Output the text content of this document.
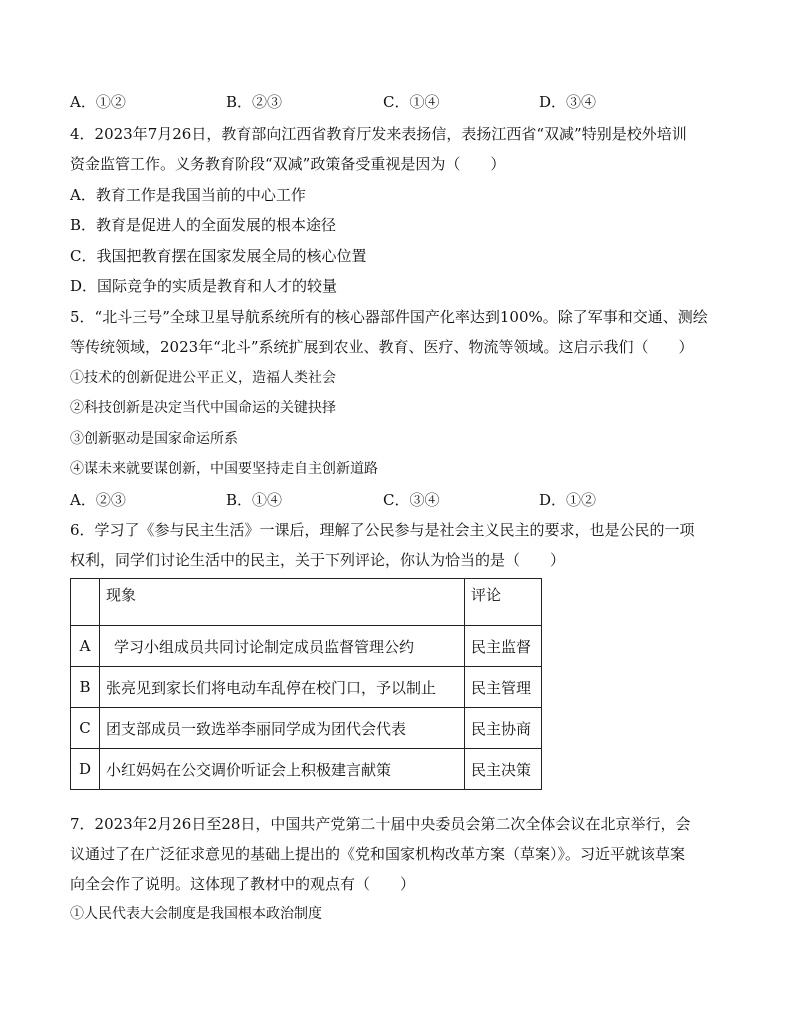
A．①②	B．②③	C．①④	D．③④
4．2023年7月26日，教育部向江西省教育厅发来表扬信，表扬江西省“双减”特别是校外培训
资金监管工作。义务教育阶段“双减”政策备受重视是因为（　　）
A．教育工作是我国当前的中心工作
B．教育是促进人的全面发展的根本途径
C．我国把教育摆在国家发展全局的核心位置
D．国际竞争的实质是教育和人才的较量
5．“北斗三号”全球卫星导航系统所有的核心器部件国产化率达到100%。除了军事和交通、测绘
等传统领域，2023年“北斗”系统扩展到农业、教育、医疗、物流等领域。这启示我们（　　）
①技术的创新促进公平正义，造福人类社会
②科技创新是决定当代中国命运的关键抉择
③创新驱动是国家命运所系
④谋未来就要谋创新，中国要坚持走自主创新道路
A．②③	B．①④	C．③④	D．①②
6．学习了《参与民主生活》一课后，理解了公民参与是社会主义民主的要求，也是公民的一项
权利，同学们讨论生活中的民主，关于下列评论，你认为恰当的是（　　）
	现象	评论
A	学习小组成员共同讨论制定成员监督管理公约	民主监督
B	张亮见到家长们将电动车乱停在校门口，予以制止	民主管理
C	团支部成员一致选举李丽同学成为团代会代表	民主协商
D	小红妈妈在公交调价听证会上积极建言献策	民主决策
7．2023年2月26日至28日，中国共产党第二十届中央委员会第二次全体会议在北京举行，会
议通过了在广泛征求意见的基础上提出的《党和国家机构改革方案（草案）》。习近平就该草案
向全会作了说明。这体现了教材中的观点有（　　）
①人民代表大会制度是我国根本政治制度
